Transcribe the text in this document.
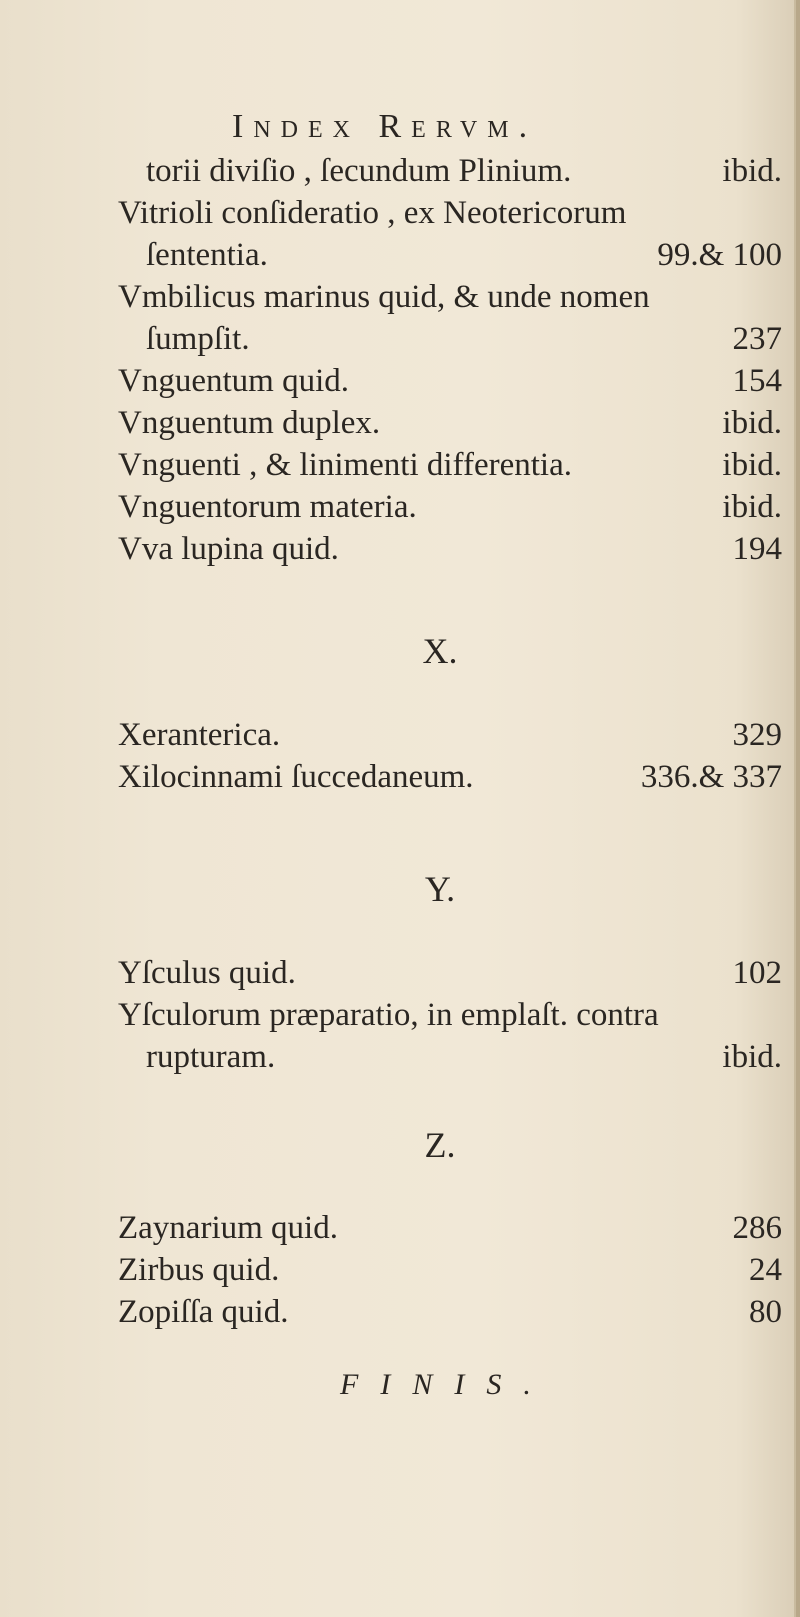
Index Rervm.
torii diviſio , ſecundum Plinium.	ibid.
Vitrioli conſideratio , ex Neotericorum
ſententia.	99.& 100
Vmbilicus marinus quid, & unde nomen
ſumpſit.	237
Vnguentum quid.	154
Vnguentum duplex.	ibid.
Vnguenti , & linimenti differentia.	ibid.
Vnguentorum materia.	ibid.
Vva lupina quid.	194
Xeranterica.	329
Xilocinnami ſuccedaneum.	336.& 337
Yſculus quid.	102
Yſculorum præparatio, in emplaſt. contra
rupturam.	ibid.
Zaynarium quid.	286
Zirbus quid.	24
Zopiſſa quid.	80
X.
Y.
Z.
FINIS.
